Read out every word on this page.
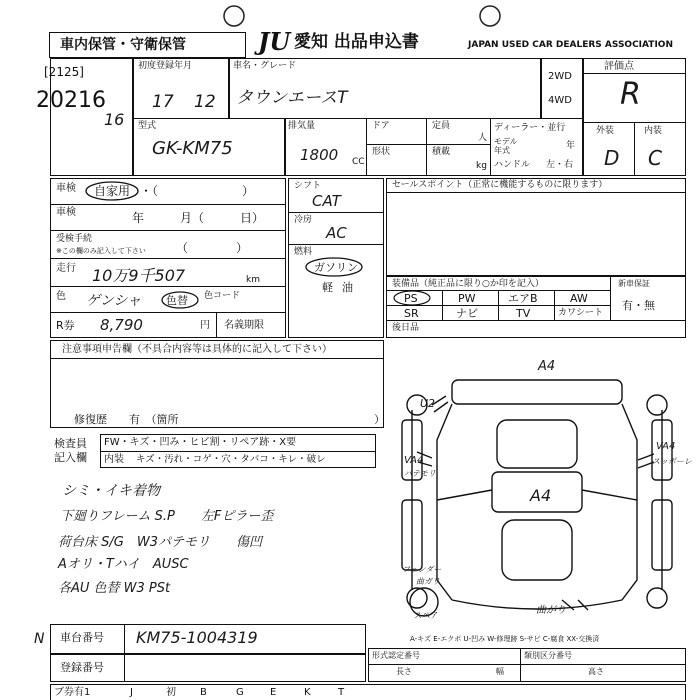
車内保管・守衛保管	JU 愛知 出品申込書	JAPAN USED CAR DEALERS ASSOCIATION
[2125]
20216
16
初度登録年月
17 12
車名・グレード
タウンエースT
2WD
4WD
評価点
R
外装	内装
D C
型式
GK-KM75
排気量
1800 CC
ドア
形状
定員
人
積載
kg
ディーラー・並行
モデル
年式	年
ハンドル 左・右
車検 自家用 ・（　　　　　　　）
車検	年　　　月（　　　日）
受検手続
※この欄のみ記入して下さい	（　　　　）
走行 10万9千507	km
色 ゲンシャ 色替 色コード
R券 8,790	円 名義期限
シフト
CAT
冷房
AC
燃料
ガソリン
軽 油
セールスポイント（正常に機能するものに限ります）
装備品（純正品に限り○か印を記入）	新車保証
有・無
PS	PW	エアB	AW
SR	ナビ	TV	カワシート
後日品
注意事項申告欄（不具合内容等は具体的に記入して下さい）
修復歴　　有　（箇所	）
検査員
記入欄
FW・キズ・凹み・ヒビ割・リペア跡・X要
内装 キズ・汚れ・コゲ・穴・タバコ・キレ・破レ
シミ・イキ着物
下廻りフレーム S.P　　左Fピラー歪
荷台床 S/G　W3パテモリ　　傷凹
Aオリ・Tハイ　AUSC
各AU 色替 W3 PSt
A4
A4
U2
VA4
パテモリ
VA4
スッポーレ
フェンダー
曲ガリ
スペア	曲がり
A-キズ E-エクボ U-凹み W-修理跡 S-サビ C-腐食 XX-交換済
N 車台番号 KM75-1004319
登録番号
形式認定番号	類別区分番号
長さ	幅	高さ
ブ券有1	J	初 B	G	E	K	T
